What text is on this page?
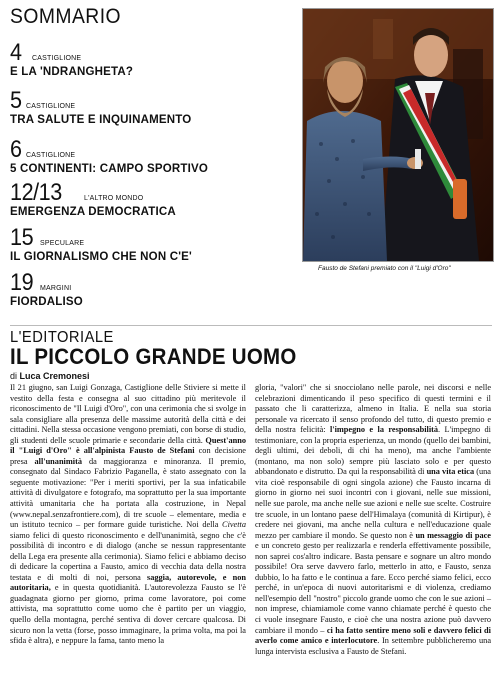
SOMMARIO
4 CASTIGLIONE
E LA 'NDRANGHETA?
5 CASTIGLIONE
TRA SALUTE E INQUINAMENTO
6 CASTIGLIONE
5 CONTINENTI: CAMPO SPORTIVO
12/13	L'ALTRO MONDO
EMERGENZA DEMOCRATICA
15 SPECULARE
IL GIORNALISMO CHE NON C'E'
19 MARGINI
FIORDALISO
Fausto de Stefani premiato con il "Luigi d'Oro"
L'EDITORIALE
IL PICCOLO GRANDE UOMO
di Luca Cremonesi

Il 21 giugno, san Luigi Gonzaga, Castiglione delle Stiviere si mette il vestito della festa e consegna al suo cittadino più meritevole il riconoscimento de "Il Luigi d'Oro", con una cerimonia che si svolge in sala consigliare alla presenza delle massime autorità della città e dei cittadini. Nella stessa occasione vengono premiati, con borse di studio, gli studenti delle scuole primarie e secondarie della città. Quest'anno il "Luigi d'Oro" è all'alpinista Fausto de Stefani con decisione presa all'unanimità da maggioranza e minoranza. Il premio, consegnato dal Sindaco Fabrizio Paganella, è stato assegnato con la seguente motivazione: "Per i meriti sportivi, per la sua infaticabile attività di divulgatore e fotografo, ma soprattutto per la sua importante attività umanitaria che ha portata alla costruzione, in Nepal (www.nepal.senzafrontiere.com), di tre scuole – elementare, media e un istituto tecnico – per formare guide turistiche. Noi della Civetta siamo felici di questo riconoscimento e dell'unanimità, segno che c'è possibilità di incontro e di dialogo (anche se nessun rappresentante della Lega era presente alla cerimonia). Siamo felici e abbiamo deciso di dedicare la copertina a Fausto, amico di vecchia data della nostra testata e di molti di noi, persona saggia, autorevole, e non autoritaria, e in questa quotidianità. L'autorevolezza Fausto se l'è guadagnata giorno per giorno, prima come lavoratore, poi come attivista, ma soprattutto come uomo che è partito per un viaggio, quello della montagna, perché sentiva di dover cercare qualcosa. Di sicuro non la vetta (forse, posso immaginare, la prima volta, ma poi la sfida è altra), e neppure la fama, tanto meno la

gloria, "valori" che si snocciolano nelle parole, nei discorsi e nelle celebrazioni dimenticando il peso specifico di questi termini e il passato che li caratterizza, almeno in Italia. E nella sua storia personale va ricercato il senso profondo del tutto, di questo premio e della nostra felicità: l'impegno e la responsabilità. L'impegno di testimoniare, con la propria esperienza, un mondo (quello dei bambini, degli ultimi, dei deboli, di chi ha meno), ma anche l'ambiente (montano, ma non solo) sempre più lasciato solo e per questo abbandonato e distrutto. Da qui la responsabilità di una vita etica (una vita cioè responsabile di ogni singola azione) che Fausto incarna di giorno in giorno nei suoi incontri con i giovani, nelle sue missioni, nelle sue parole, ma anche nelle sue azioni e nelle sue scelte. Costruire tre scuole, in un lontano paese dell'Himalaya (comunità di Kirtipur), è credere nei giovani, ma anche nella cultura e nell'educazione quale mezzo per cambiare il mondo. Se questo non è un messaggio di pace e un concreto gesto per realizzarla e renderla effettivamente possibile, non saprei cos'altro indicare. Basta pensare e sognare un altro mondo possibile! Ora serve davvero farlo, metterlo in atto, e Fausto, senza dubbio, lo ha fatto e le continua a fare. Ecco perché siamo felici, ecco perché, in un'epoca di nuovi autoritarismi e di violenza, crediamo nell'esempio dell "nostro" piccolo grande uomo che con le sue azioni – non imprese, chiamiamole come vanno chiamate perché è questo che ci vuole insegnare Fausto, e cioè che una nostra azione può davvero cambiare il mondo – ci ha fatto sentire meno soli e davvero felici di averlo come amico e interlocutore. In settembre pubblicheremo una lunga intervista esclusiva a Fausto de Stefani.
